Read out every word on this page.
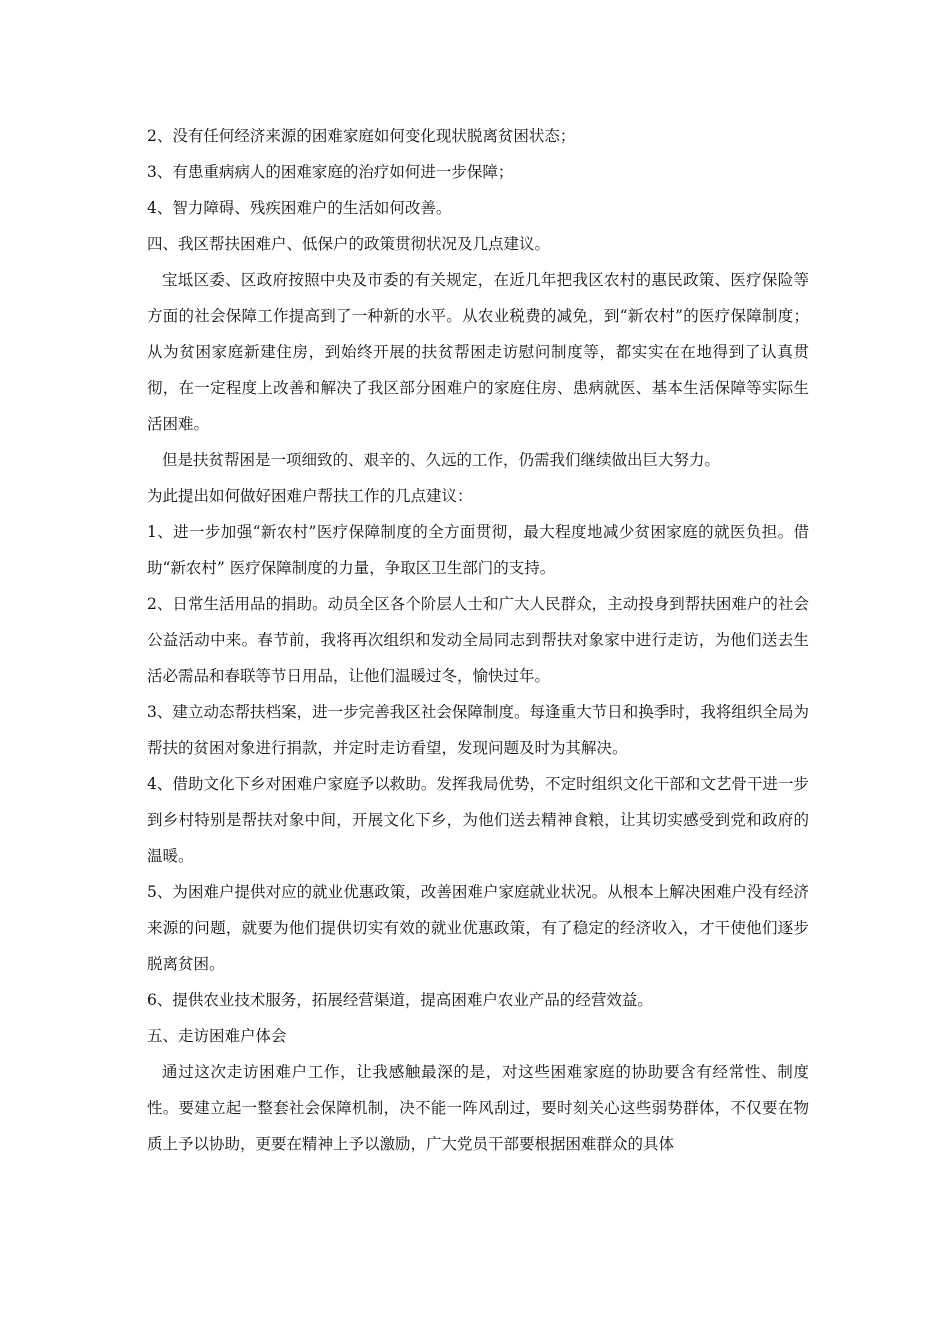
2、没有任何经济来源的困难家庭如何变化现状脱离贫困状态；

3、有患重病病人的困难家庭的治疗如何进一步保障；

4、智力障碍、残疾困难户的生活如何改善。

四、我区帮扶困难户、低保户的政策贯彻状况及几点建议。

宝坻区委、区政府按照中央及市委的有关规定，在近几年把我区农村的惠民政策、医疗保险等方面的社会保障工作提高到了一种新的水平。从农业税费的减免，到“新农村”的医疗保障制度；从为贫困家庭新建住房，到始终开展的扶贫帮困走访慰问制度等，都实实在在地得到了认真贯彻，在一定程度上改善和解决了我区部分困难户的家庭住房、患病就医、基本生活保障等实际生活困难。

但是扶贫帮困是一项细致的、艰辛的、久远的工作，仍需我们继续做出巨大努力。

为此提出如何做好困难户帮扶工作的几点建议：

1、进一步加强“新农村”医疗保障制度的全方面贯彻，最大程度地减少贫困家庭的就医负担。借助“新农村” 医疗保障制度的力量，争取区卫生部门的支持。

2、日常生活用品的捐助。动员全区各个阶层人士和广大人民群众，主动投身到帮扶困难户的社会公益活动中来。春节前，我将再次组织和发动全局同志到帮扶对象家中进行走访，为他们送去生活必需品和春联等节日用品，让他们温暖过冬，愉快过年。

3、建立动态帮扶档案，进一步完善我区社会保障制度。每逢重大节日和换季时，我将组织全局为帮扶的贫困对象进行捐款，并定时走访看望，发现问题及时为其解决。

4、借助文化下乡对困难户家庭予以救助。发挥我局优势，不定时组织文化干部和文艺骨干进一步到乡村特别是帮扶对象中间，开展文化下乡，为他们送去精神食粮，让其切实感受到党和政府的温暖。

5、为困难户提供对应的就业优惠政策，改善困难户家庭就业状况。从根本上解决困难户没有经济来源的问题，就要为他们提供切实有效的就业优惠政策，有了稳定的经济收入，才干使他们逐步脱离贫困。

6、提供农业技术服务，拓展经营渠道，提高困难户农业产品的经营效益。

五、走访困难户体会

通过这次走访困难户工作，让我感触最深的是，对这些困难家庭的协助要含有经常性、制度性。要建立起一整套社会保障机制，决不能一阵风刮过，要时刻关心这些弱势群体，不仅要在物质上予以协助，更要在精神上予以激励，广大党员干部要根据困难群众的具体
